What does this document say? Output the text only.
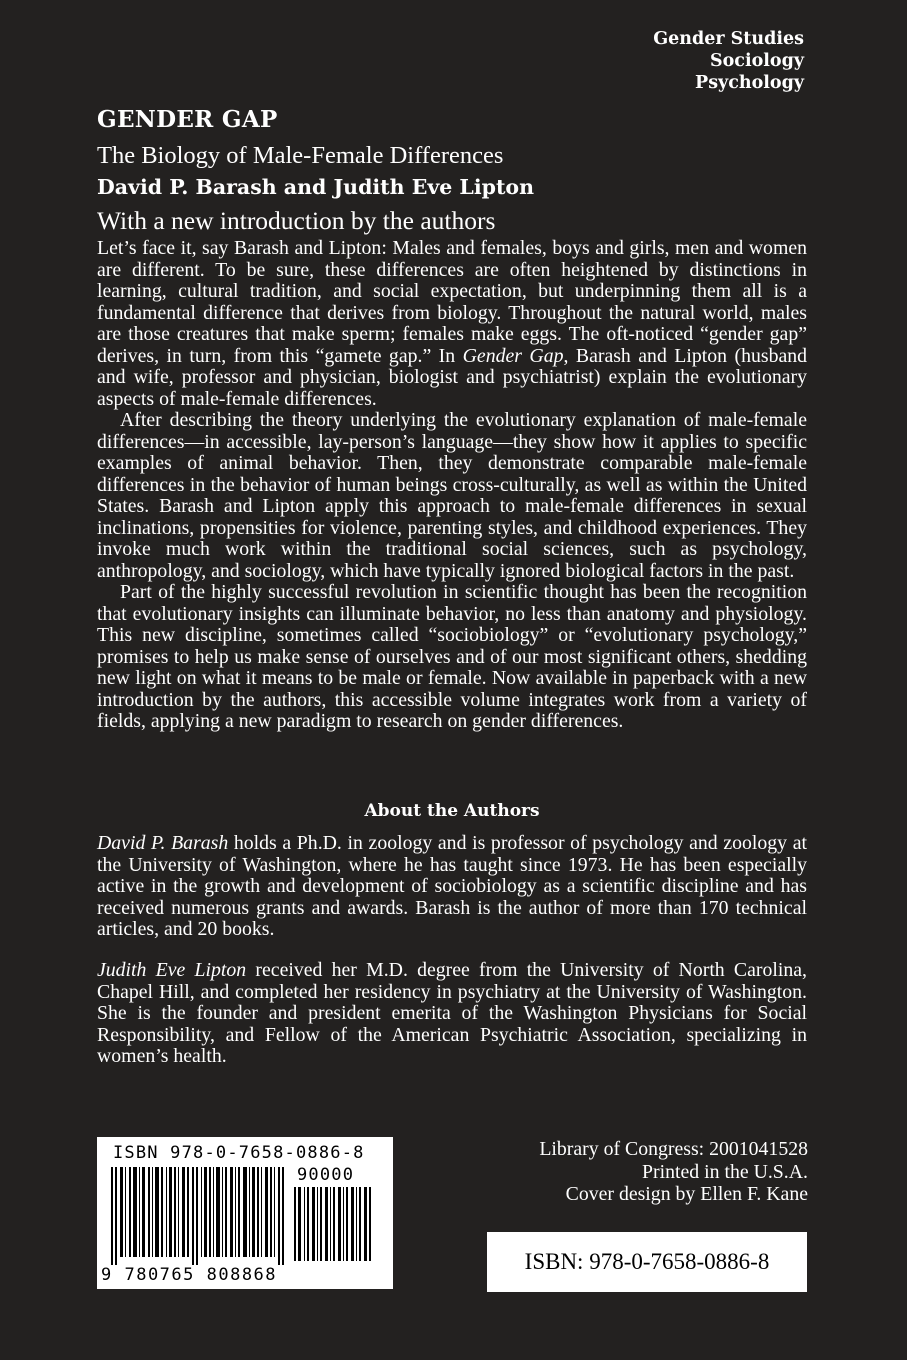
Gender Studies
Sociology
Psychology
GENDER GAP
The Biology of Male-Female Differences
David P. Barash and Judith Eve Lipton
With a new introduction by the authors

Let’s face it, say Barash and Lipton: Males and females, boys and girls, men and women are different. To be sure, these differences are often heightened by distinctions in learning, cultural tradition, and social expectation, but underpinning them all is a fundamental difference that derives from biology. Throughout the natural world, males are those creatures that make sperm; females make eggs. The oft-noticed “gender gap” derives, in turn, from this “gamete gap.” In Gender Gap, Barash and Lipton (husband and wife, professor and physician, biologist and psychiatrist) explain the evolutionary aspects of male-female differences.

After describing the theory underlying the evolutionary explanation of male-female differences—in accessible, lay-person’s language—they show how it applies to specific examples of animal behavior. Then, they demonstrate comparable male-female differences in the behavior of human beings cross-culturally, as well as within the United States. Barash and Lipton apply this approach to male-female differences in sexual inclinations, propensities for violence, parenting styles, and childhood experiences. They invoke much work within the traditional social sciences, such as psychology, anthropology, and sociology, which have typically ignored biological factors in the past.

Part of the highly successful revolution in scientific thought has been the recognition that evolutionary insights can illuminate behavior, no less than anatomy and physiology. This new discipline, sometimes called “sociobiology” or “evolutionary psychology,” promises to help us make sense of ourselves and of our most significant others, shedding new light on what it means to be male or female. Now available in paperback with a new introduction by the authors, this accessible volume integrates work from a variety of fields, applying a new paradigm to research on gender differences.

About the Authors
David P. Barash holds a Ph.D. in zoology and is professor of psychology and zoology at the University of Washington, where he has taught since 1973. He has been especially active in the growth and development of sociobiology as a scientific discipline and has received numerous grants and awards. Barash is the author of more than 170 technical articles, and 20 books.
Judith Eve Lipton received her M.D. degree from the University of North Carolina, Chapel Hill, and completed her residency in psychiatry at the University of Washington. She is the founder and president emerita of the Washington Physicians for Social Responsibility, and Fellow of the American Psychiatric Association, specializing in women’s health.
ISBN 978-0-7658-0886-8
90000
9 780765 808868
Library of Congress: 2001041528
Printed in the U.S.A.
Cover design by Ellen F. Kane
ISBN: 978-0-7658-0886-8
